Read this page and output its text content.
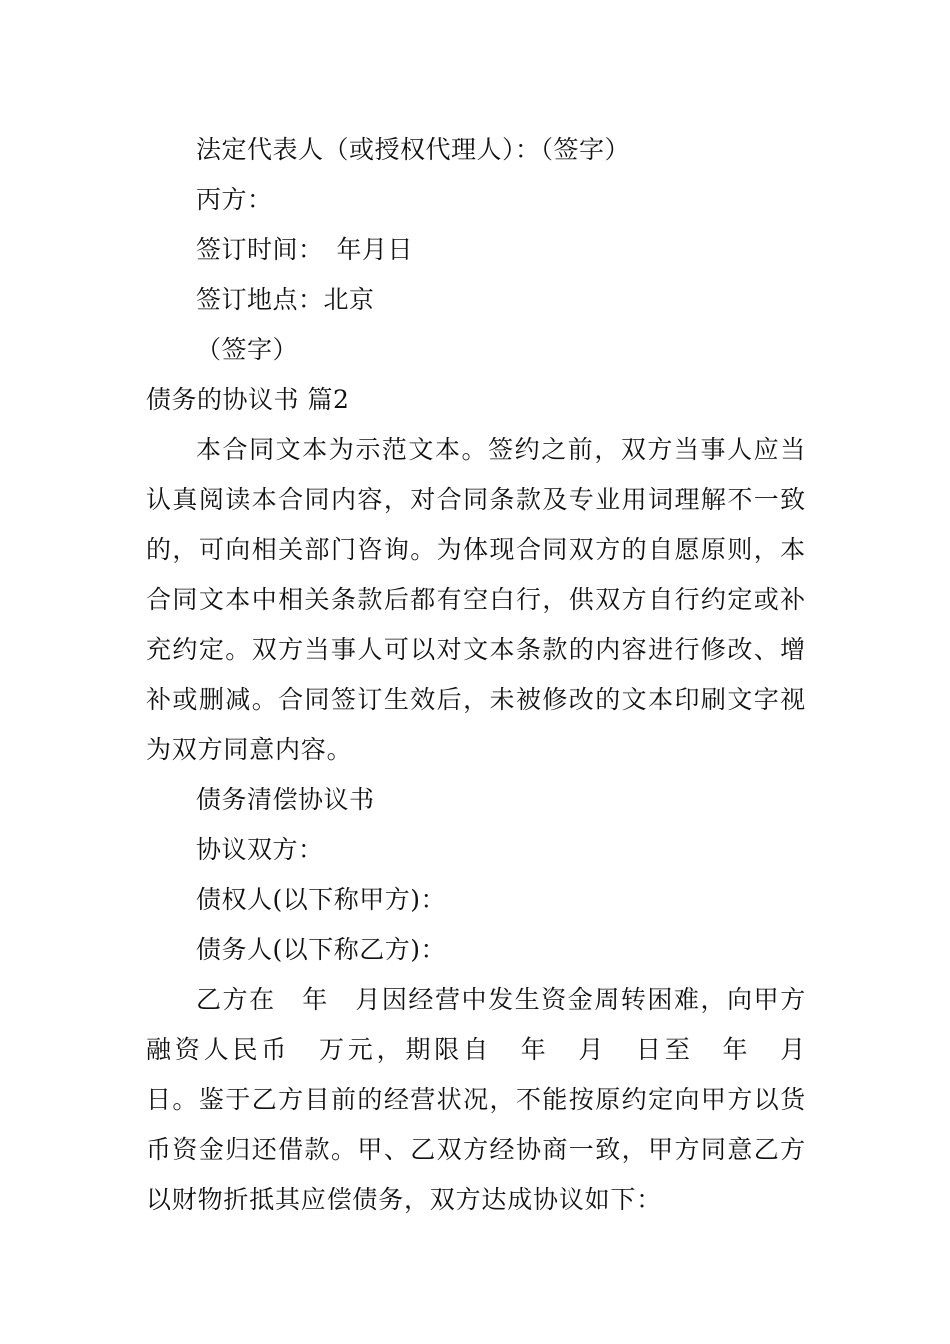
法定代表人（或授权代理人）：（签字）
丙方：
签订时间：　年月日
签订地点：北京
（签字）
债务的协议书 篇2

本合同文本为示范文本。签约之前，双方当事人应当认真阅读本合同内容，对合同条款及专业用词理解不一致的，可向相关部门咨询。为体现合同双方的自愿原则，本合同文本中相关条款后都有空白行，供双方自行约定或补充约定。双方当事人可以对文本条款的内容进行修改、增补或删减。合同签订生效后，未被修改的文本印刷文字视为双方同意内容。

债务清偿协议书
协议双方：
债权人(以下称甲方)：
债务人(以下称乙方)：

乙方在　年　月因经营中发生资金周转困难，向甲方融资人民币　万元，期限自　年　月　日至　年　月　日。鉴于乙方目前的经营状况，不能按原约定向甲方以货币资金归还借款。甲、乙双方经协商一致，甲方同意乙方以财物折抵其应偿债务，双方达成协议如下：
